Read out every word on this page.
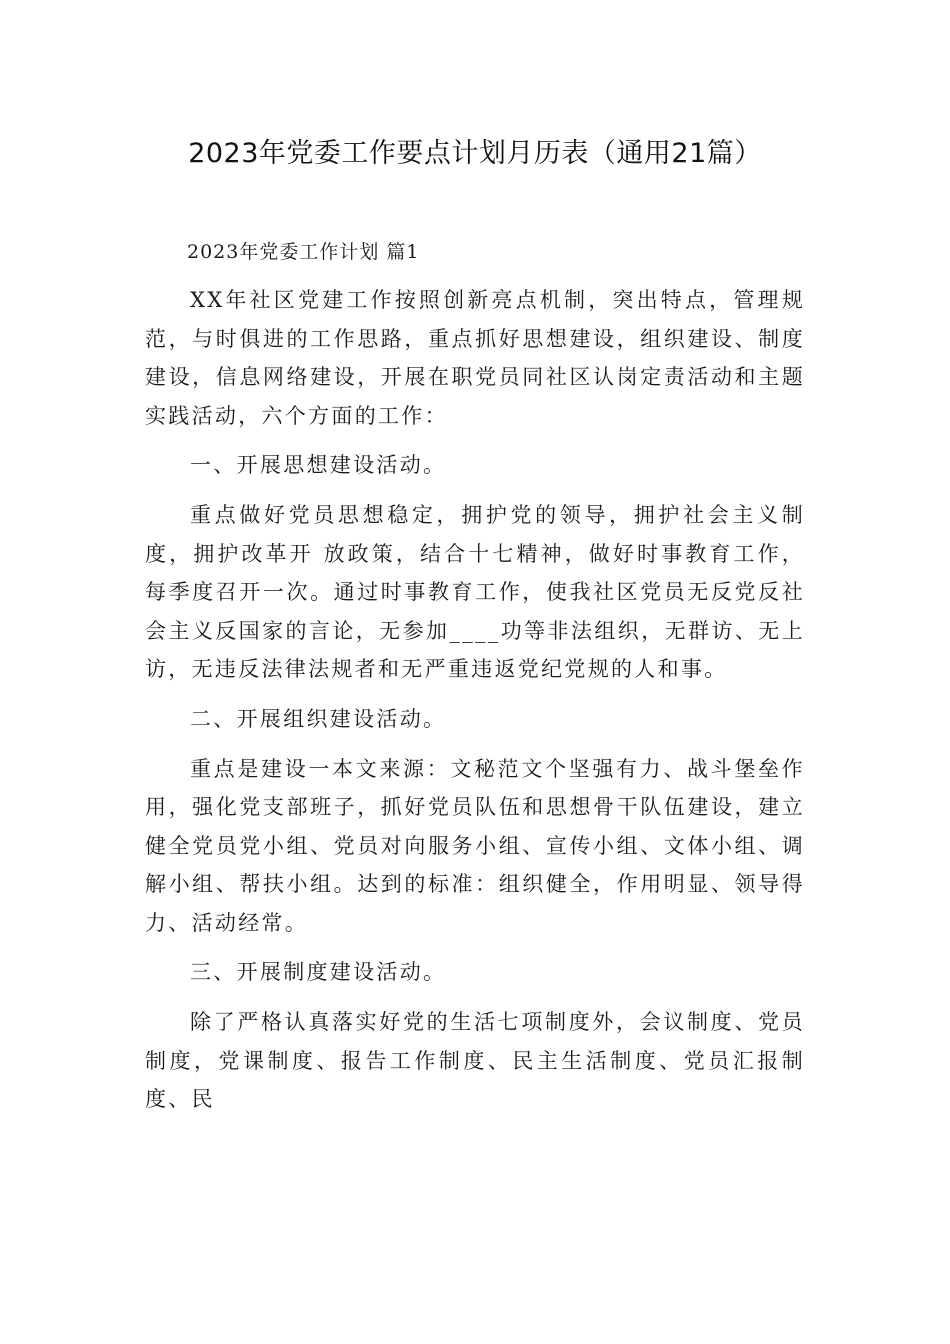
2023年党委工作要点计划月历表（通用21篇）

2023年党委工作计划 篇1

XX年社区党建工作按照创新亮点机制，突出特点，管理规范，与时俱进的工作思路，重点抓好思想建设，组织建设、制度建设，信息网络建设，开展在职党员同社区认岗定责活动和主题实践活动，六个方面的工作：

一、开展思想建设活动。

重点做好党员思想稳定，拥护党的领导，拥护社会主义制度，拥护改革开 放政策，结合十七精神，做好时事教育工作，每季度召开一次。通过时事教育工作，使我社区党员无反党反社会主义反国家的言论，无参加____功等非法组织，无群访、无上访，无违反法律法规者和无严重违返党纪党规的人和事。

二、开展组织建设活动。

重点是建设一本文来源：文秘范文个坚强有力、战斗堡垒作用，强化党支部班子，抓好党员队伍和思想骨干队伍建设，建立健全党员党小组、党员对向服务小组、宣传小组、文体小组、调解小组、帮扶小组。达到的标准：组织健全，作用明显、领导得力、活动经常。

三、开展制度建设活动。

除了严格认真落实好党的生活七项制度外，会议制度、党员制度，党课制度、报告工作制度、民主生活制度、党员汇报制度、民
